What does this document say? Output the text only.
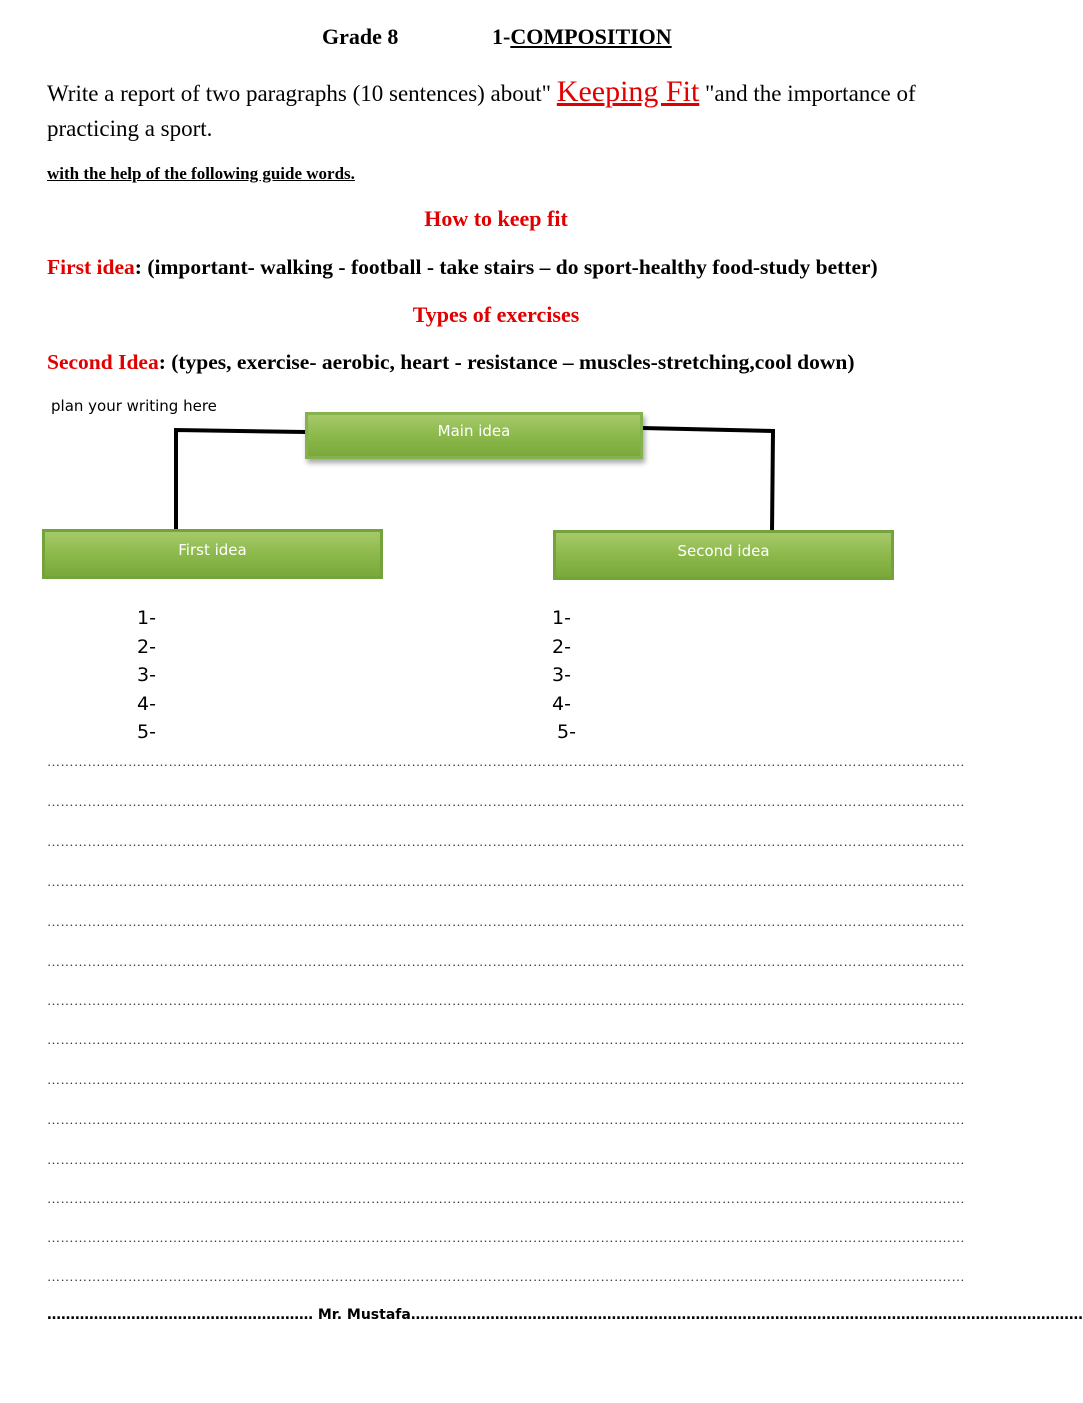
Grade 8	1-COMPOSITION
Write a report of two paragraphs (10 sentences) about" Keeping Fit "and the importance of practicing a sport.
with the help of the following guide words.
How to keep fit
First idea: (important- walking - football - take stairs – do sport-healthy food-study better)
Types of exercises
Second Idea: (types, exercise- aerobic, heart - resistance – muscles-stretching,cool down)
plan your writing here
Main idea
First idea	Second idea
1-
2-
3-
4-
5-
1-
2-
3-
4-
5-
……………………………………………………………………………………………………………………………………………………………………………………
……………………………………………………………………………………………………………………………………………………………………………………
……………………………………………………………………………………………………………………………………………………………………………………
……………………………………………………………………………………………………………………………………………………………………………………
……………………………………………………………………………………………………………………………………………………………………………………
……………………………………………………………………………………………………………………………………………………………………………………
……………………………………………………………………………………………………………………………………………………………………………………
……………………………………………………………………………………………………………………………………………………………………………………
……………………………………………………………………………………………………………………………………………………………………………………
……………………………………………………………………………………………………………………………………………………………………………………
……………………………………………………………………………………………………………………………………………………………………………………
……………………………………………………………………………………………………………………………………………………………………………………
……………………………………………………………………………………………………………………………………………………………………………………
……………………………………………………………………………………………………………………………………………………………………………………
………………………………………………… Mr. Mustafa………………………………………………………………………………………………………………………………
